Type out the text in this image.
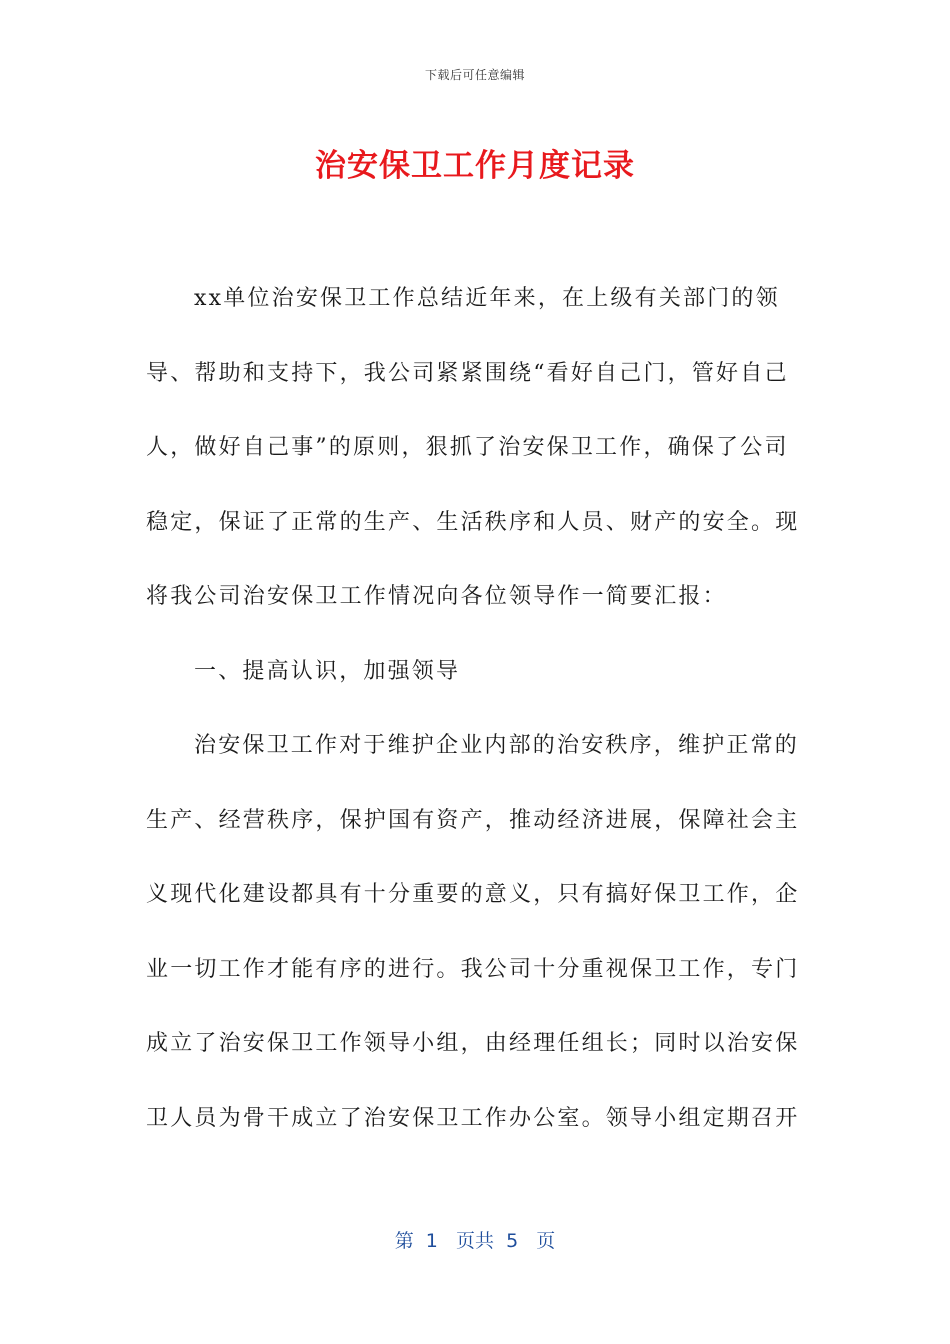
下载后可任意编辑
治安保卫工作月度记录

xx单位治安保卫工作总结近年来，在上级有关部门的领导、帮助和支持下，我公司紧紧围绕“看好自己门，管好自己人，做好自己事”的原则，狠抓了治安保卫工作，确保了公司稳定，保证了正常的生产、生活秩序和人员、财产的安全。现将我公司治安保卫工作情况向各位领导作一简要汇报：

一、提高认识，加强领导

治安保卫工作对于维护企业内部的治安秩序，维护正常的生产、经营秩序，保护国有资产，推动经济进展，保障社会主义现代化建设都具有十分重要的意义，只有搞好保卫工作，企业一切工作才能有序的进行。我公司十分重视保卫工作，专门成立了治安保卫工作领导小组，由经理任组长；同时以治安保卫人员为骨干成立了治安保卫工作办公室。领导小组定期召开

第  1   页共  5   页
